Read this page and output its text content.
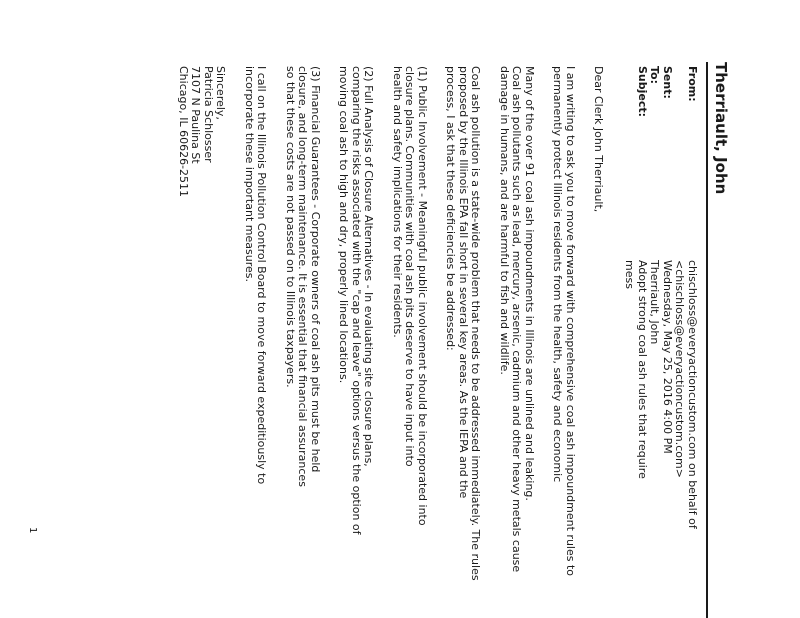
Therriault, John
From:
chischloss@everyactioncustom.com on behalf of
<chischloss@everyactioncustom.com>
Sent:
Wednesday, May 25, 2016 4:00 PM
To:
Therriault, John
Subject:
Adopt strong coal ash rules that require
mess
Dear Clerk John Therriault,
I am writing to ask you to move forward with comprehensive coal ash impoundment rules to
permanently protect Illinois residents from the health, safety and economic
Many of the over 91 coal ash impoundments in Illinois are unlined and leaking.
Coal ash pollutants such as lead, mercury, arsenic, cadmium and other heavy metals cause
damage in humans, and are harmful to fish and wildlife.
Coal ash pollution is a state-wide problem that needs to be addressed immediately. The rules
proposed by the Illinois EPA fall short in several key areas. As the IEPA and the
process, I ask that these deficiencies be addressed:
(1) Public Involvement - Meaningful public involvement should be incorporated into
closure plans. Communities with coal ash pits deserve to have input into
health and safety implications for their residents.
(2) Full Analysis of Closure Alternatives - In evaluating site closure plans,
comparing the risks associated with the "cap and leave" options versus the option of
moving coal ash to high and dry, properly lined locations.
(3) Financial Guarantees - Corporate owners of coal ash pits must be held
closure, and long-term maintenance. It is essential that financial assurances
so that these costs are not passed on to Illinois taxpayers.
I call on the Illinois Pollution Control Board to move forward expeditiously to
incorporate these important measures.
Sincerely,
Patricia Schlosser
7107 N Paulina St
Chicago, IL 60626-2511
1
